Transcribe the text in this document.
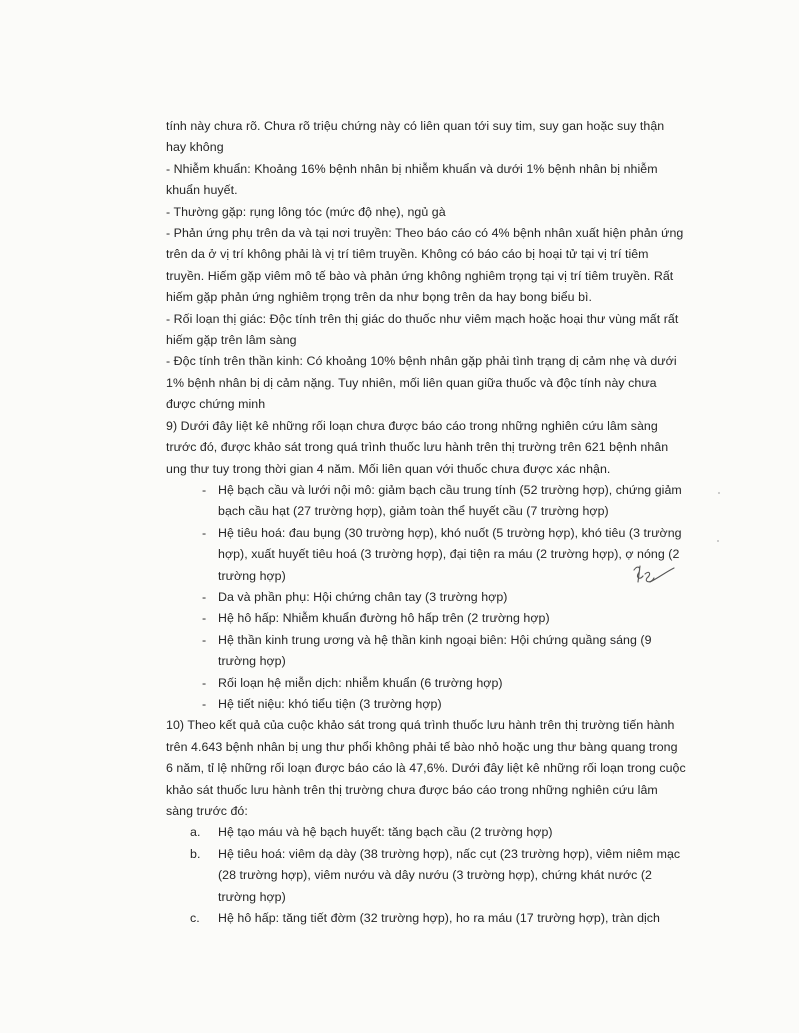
tính này chưa rõ. Chưa rõ triệu chứng này có liên quan tới suy tim, suy gan hoặc suy thận hay không

- Nhiễm khuẩn: Khoảng 16% bệnh nhân bị nhiễm khuẩn và dưới 1% bệnh nhân bị nhiễm khuẩn huyết.

- Thường gặp: rụng lông tóc (mức độ nhẹ), ngủ gà

- Phản ứng phụ trên da và tại nơi truyền: Theo báo cáo có 4% bệnh nhân xuất hiện phản ứng trên da ở vị trí không phải là vị trí tiêm truyền. Không có báo cáo bị hoại tử tại vị trí tiêm truyền. Hiếm gặp viêm mô tế bào và phản ứng không nghiêm trọng tại vị trí tiêm truyền. Rất hiếm gặp phản ứng nghiêm trọng trên da như bọng trên da hay bong biểu bì.

- Rối loạn thị giác: Độc tính trên thị giác do thuốc như viêm mạch hoặc hoại thư vùng mất rất hiếm gặp trên lâm sàng

- Độc tính trên thần kinh: Có khoảng 10% bệnh nhân gặp phải tình trạng dị cảm nhẹ và dưới 1% bệnh nhân bị dị cảm nặng. Tuy nhiên, mối liên quan giữa thuốc và độc tính này chưa được chứng minh

9) Dưới đây liệt kê những rối loạn chưa được báo cáo trong những nghiên cứu lâm sàng trước đó, được khảo sát trong quá trình thuốc lưu hành trên thị trường trên 621 bệnh nhân ung thư tuy trong thời gian 4 năm. Mối liên quan với thuốc chưa được xác nhận.

- Hệ bạch cầu và lưới nội mô: giảm bạch cầu trung tính (52 trường hợp), chứng giảm bạch cầu hạt (27 trường hợp), giảm toàn thể huyết cầu (7 trường hợp)
- Hệ tiêu hoá: đau bụng (30 trường hợp), khó nuốt (5 trường hợp), khó tiêu (3 trường hợp), xuất huyết tiêu hoá (3 trường hợp), đại tiện ra máu (2 trường hợp), ợ nóng (2 trường hợp)
- Da và phần phụ: Hội chứng chân tay (3 trường hợp)
- Hệ hô hấp: Nhiễm khuẩn đường hô hấp trên (2 trường hợp)
- Hệ thần kinh trung ương và hệ thần kinh ngoại biên: Hội chứng quầng sáng (9 trường hợp)
- Rối loạn hệ miễn dịch: nhiễm khuẩn (6 trường hợp)
- Hệ tiết niệu: khó tiểu tiện (3 trường hợp)

10) Theo kết quả của cuộc khảo sát trong quá trình thuốc lưu hành trên thị trường tiến hành trên 4.643 bệnh nhân bị ung thư phổi không phải tế bào nhỏ hoặc ung thư bàng quang trong 6 năm, tỉ lệ những rối loạn được báo cáo là 47,6%. Dưới đây liệt kê những rối loạn trong cuộc khảo sát thuốc lưu hành trên thị trường chưa được báo cáo trong những nghiên cứu lâm sàng trước đó:

a. Hệ tạo máu và hệ bạch huyết: tăng bạch cầu (2 trường hợp)
b. Hệ tiêu hoá: viêm dạ dày (38 trường hợp), nấc cụt (23 trường hợp), viêm niêm mạc (28 trường hợp), viêm nướu và dây nướu (3 trường hợp), chứng khát nước (2 trường hợp)
c. Hệ hô hấp: tăng tiết đờm (32 trường hợp), ho ra máu (17 trường hợp), tràn dịch
